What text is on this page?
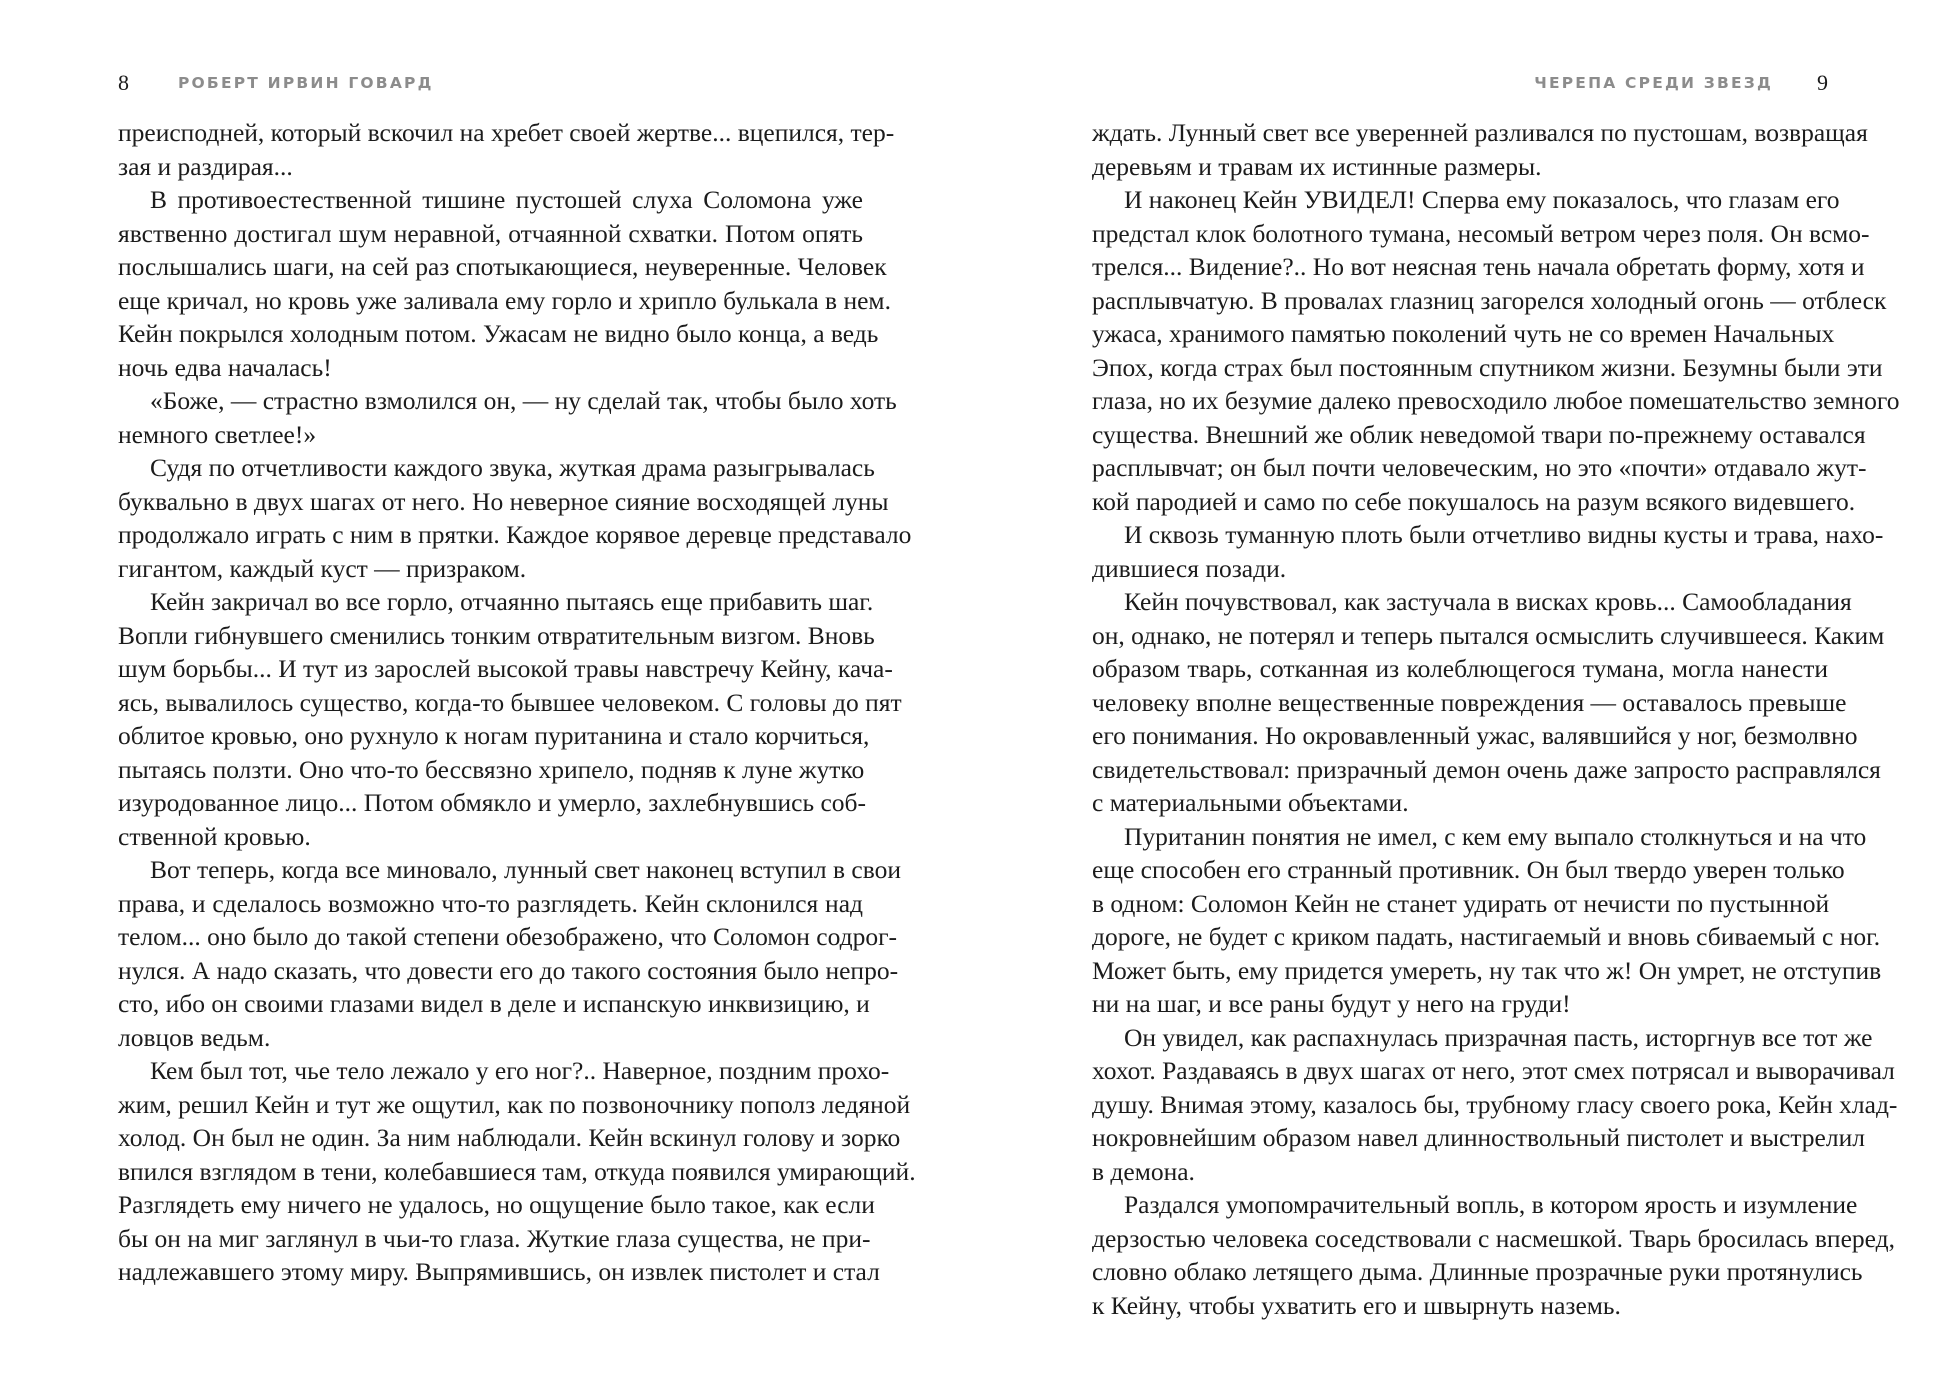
8	РОБЕРТ ИРВИН ГОВАРД
преисподней, который вскочил на хребет своей жертве... вцепился, тер-
зая и раздирая...
В противоестественной тишине пустошей слуха Соломона уже
явственно достигал шум неравной, отчаянной схватки. Потом опять
послышались шаги, на сей раз спотыкающиеся, неуверенные. Человек
еще кричал, но кровь уже заливала ему горло и хрипло булькала в нем.
Кейн покрылся холодным потом. Ужасам не видно было конца, а ведь
ночь едва началась!
«Боже, — страстно взмолился он, — ну сделай так, чтобы было хоть
немного светлее!»
Судя по отчетливости каждого звука, жуткая драма разыгрывалась
буквально в двух шагах от него. Но неверное сияние восходящей луны
продолжало играть с ним в прятки. Каждое корявое деревце представало
гигантом, каждый куст — призраком.
Кейн закричал во все горло, отчаянно пытаясь еще прибавить шаг.
Вопли гибнувшего сменились тонким отвратительным визгом. Вновь
шум борьбы... И тут из зарослей высокой травы навстречу Кейну, кача-
ясь, вывалилось существо, когда-то бывшее человеком. С головы до пят
облитое кровью, оно рухнуло к ногам пуританина и стало корчиться,
пытаясь ползти. Оно что-то бессвязно хрипело, подняв к луне жутко
изуродованное лицо... Потом обмякло и умерло, захлебнувшись соб-
ственной кровью.
Вот теперь, когда все миновало, лунный свет наконец вступил в свои
права, и сделалось возможно что-то разглядеть. Кейн склонился над
телом... оно было до такой степени обезображено, что Соломон содрог-
нулся. А надо сказать, что довести его до такого состояния было непро-
сто, ибо он своими глазами видел в деле и испанскую инквизицию, и
ловцов ведьм.
Кем был тот, чье тело лежало у его ног?.. Наверное, поздним прохо-
жим, решил Кейн и тут же ощутил, как по позвоночнику пополз ледяной
холод. Он был не один. За ним наблюдали. Кейн вскинул голову и зорко
впился взглядом в тени, колебавшиеся там, откуда появился умирающий.
Разглядеть ему ничего не удалось, но ощущение было такое, как если
бы он на миг заглянул в чьи-то глаза. Жуткие глаза существа, не при-
надлежавшего этому миру. Выпрямившись, он извлек пистолет и стал
ЧЕРЕПА СРЕДИ ЗВЕЗД 9
ждать. Лунный свет все уверенней разливался по пустошам, возвращая
деревьям и травам их истинные размеры.
И наконец Кейн УВИДЕЛ! Сперва ему показалось, что глазам его
предстал клок болотного тумана, несомый ветром через поля. Он всмо-
трелся... Видение?.. Но вот неясная тень начала обретать форму, хотя и
расплывчатую. В провалах глазниц загорелся холодный огонь — отблеск
ужаса, хранимого памятью поколений чуть не со времен Начальных
Эпох, когда страх был постоянным спутником жизни. Безумны были эти
глаза, но их безумие далеко превосходило любое помешательство земного
существа. Внешний же облик неведомой твари по-прежнему оставался
расплывчат; он был почти человеческим, но это «почти» отдавало жут-
кой пародией и само по себе покушалось на разум всякого видевшего.
И сквозь туманную плоть были отчетливо видны кусты и трава, нахо-
дившиеся позади.
Кейн почувствовал, как застучала в висках кровь... Самообладания
он, однако, не потерял и теперь пытался осмыслить случившееся. Каким
образом тварь, сотканная из колеблющегося тумана, могла нанести
человеку вполне вещественные повреждения — оставалось превыше
его понимания. Но окровавленный ужас, валявшийся у ног, безмолвно
свидетельствовал: призрачный демон очень даже запросто расправлялся
с материальными объектами.
Пуританин понятия не имел, с кем ему выпало столкнуться и на что
еще способен его странный противник. Он был твердо уверен только
в одном: Соломон Кейн не станет удирать от нечисти по пустынной
дороге, не будет с криком падать, настигаемый и вновь сбиваемый с ног.
Может быть, ему придется умереть, ну так что ж! Он умрет, не отступив
ни на шаг, и все раны будут у него на груди!
Он увидел, как распахнулась призрачная пасть, исторгнув все тот же
хохот. Раздаваясь в двух шагах от него, этот смех потрясал и выворачивал
душу. Внимая этому, казалось бы, трубному гласу своего рока, Кейн хлад-
нокровнейшим образом навел длинноствольный пистолет и выстрелил
в демона.
Раздался умопомрачительный вопль, в котором ярость и изумление
дерзостью человека соседствовали с насмешкой. Тварь бросилась вперед,
словно облако летящего дыма. Длинные прозрачные руки протянулись
к Кейну, чтобы ухватить его и швырнуть наземь.
